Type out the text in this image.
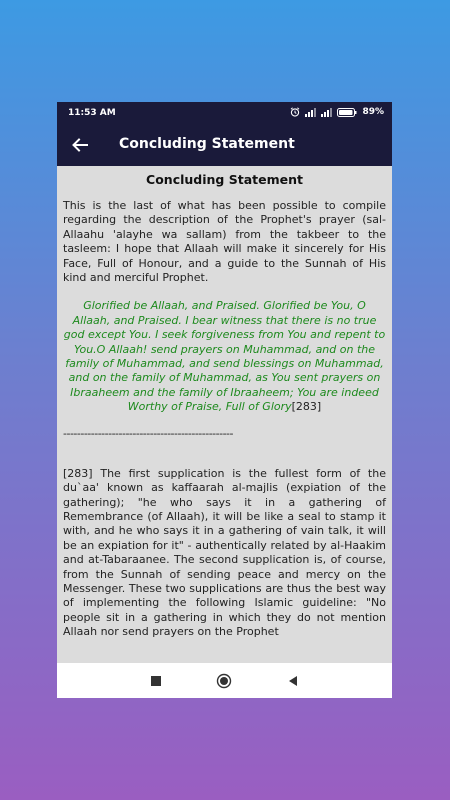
11:53 AM	89%
Concluding Statement
Concluding Statement

This is the last of what has been possible to compile regarding the description of the Prophet's prayer (sal-Allaahu 'alayhe wa sallam) from the takbeer to the tasleem: I hope that Allaah will make it sincerely for His Face, Full of Honour, and a guide to the Sunnah of His kind and merciful Prophet.

Glorified be Allaah, and Praised. Glorified be You, O Allaah, and Praised. I bear witness that there is no true god except You. I seek forgiveness from You and repent to You.O Allaah! send prayers on Muhammad, and on the family of Muhammad, and send blessings on Muhammad, and on the family of Muhammad, as You sent prayers on Ibraaheem and the family of Ibraaheem; You are indeed Worthy of Praise, Full of Glory[283]
-------------------------------------------------

[283] The first supplication is the fullest form of the du`aa' known as kaffaarah al-majlis (expiation of the gathering); "he who says it in a gathering of Remembrance (of Allaah), it will be like a seal to stamp it with, and he who says it in a gathering of vain talk, it will be an expiation for it" - authentically related by al-Haakim and at-Tabaraanee. The second supplication is, of course, from the Sunnah of sending peace and mercy on the Messenger. These two supplications are thus the best way of implementing the following Islamic guideline: "No people sit in a gathering in which they do not mention Allaah nor send prayers on the Prophet
